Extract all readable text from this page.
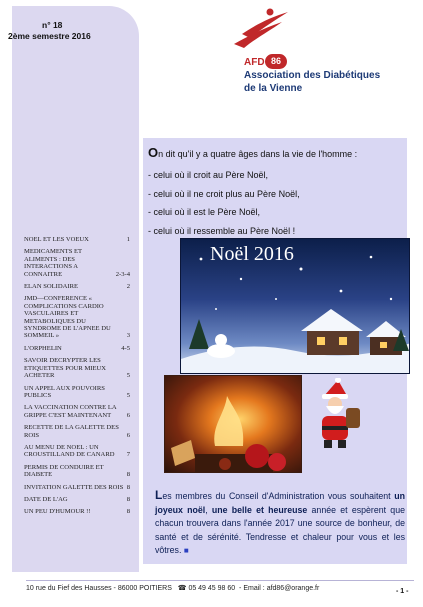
n° 18
2ème semestre 2016
NOEL ET LES VOEUX	1
MEDICAMENTS ET ALIMENTS : DES INTERACTIONS A CONNAITRE	2-3-4
ELAN SOLIDAIRE	2
JMD—CONFERENCE « COMPLICATIONS CARDIO VASCULAIRES ET METABOLIQUES DU SYNDROME DE L'APNEE DU SOMMEIL »	3
L'ORPHELIN	4-5
SAVOIR DECRYPTER LES ETIQUETTES POUR MIEUX ACHETER	5
UN APPEL AUX POUVOIRS PUBLICS	5
LA VACCINATION CONTRE LA GRIPPE C'EST MAINTENANT	6
RECETTE DE LA GALETTE DES ROIS	6
AU MENU DE NOEL : UN CROUSTILLAND DE CANARD	7
PERMIS DE CONDUIRE ET DIABETE	8
INVITATION GALETTE DES ROIS 8
DATE DE L'AG	8
UN PEU D'HUMOUR !!	8
AFD 86
Association des Diabétiques
de la Vienne
On dit qu'il y a quatre âges dans la vie de l'homme :
- celui où il croit au Père Noël,
- celui où il ne croit plus au Père Noël,
- celui où il est le Père Noël,
- celui où il ressemble au Père Noël !
Noël 2016
Les membres du Conseil d'Administration vous souhaitent un joyeux noël, une belle et heureuse année et espèrent que chacun trouvera dans l'année 2017 une source de bonheur, de santé et de sérénité. Tendresse et chaleur pour vous et les vôtres. ■
10 rue du Fief des Hausses - 86000 POITIERS ☎ 05 49 45 98 60  - Email : afd86@orange.fr	- 1 -
